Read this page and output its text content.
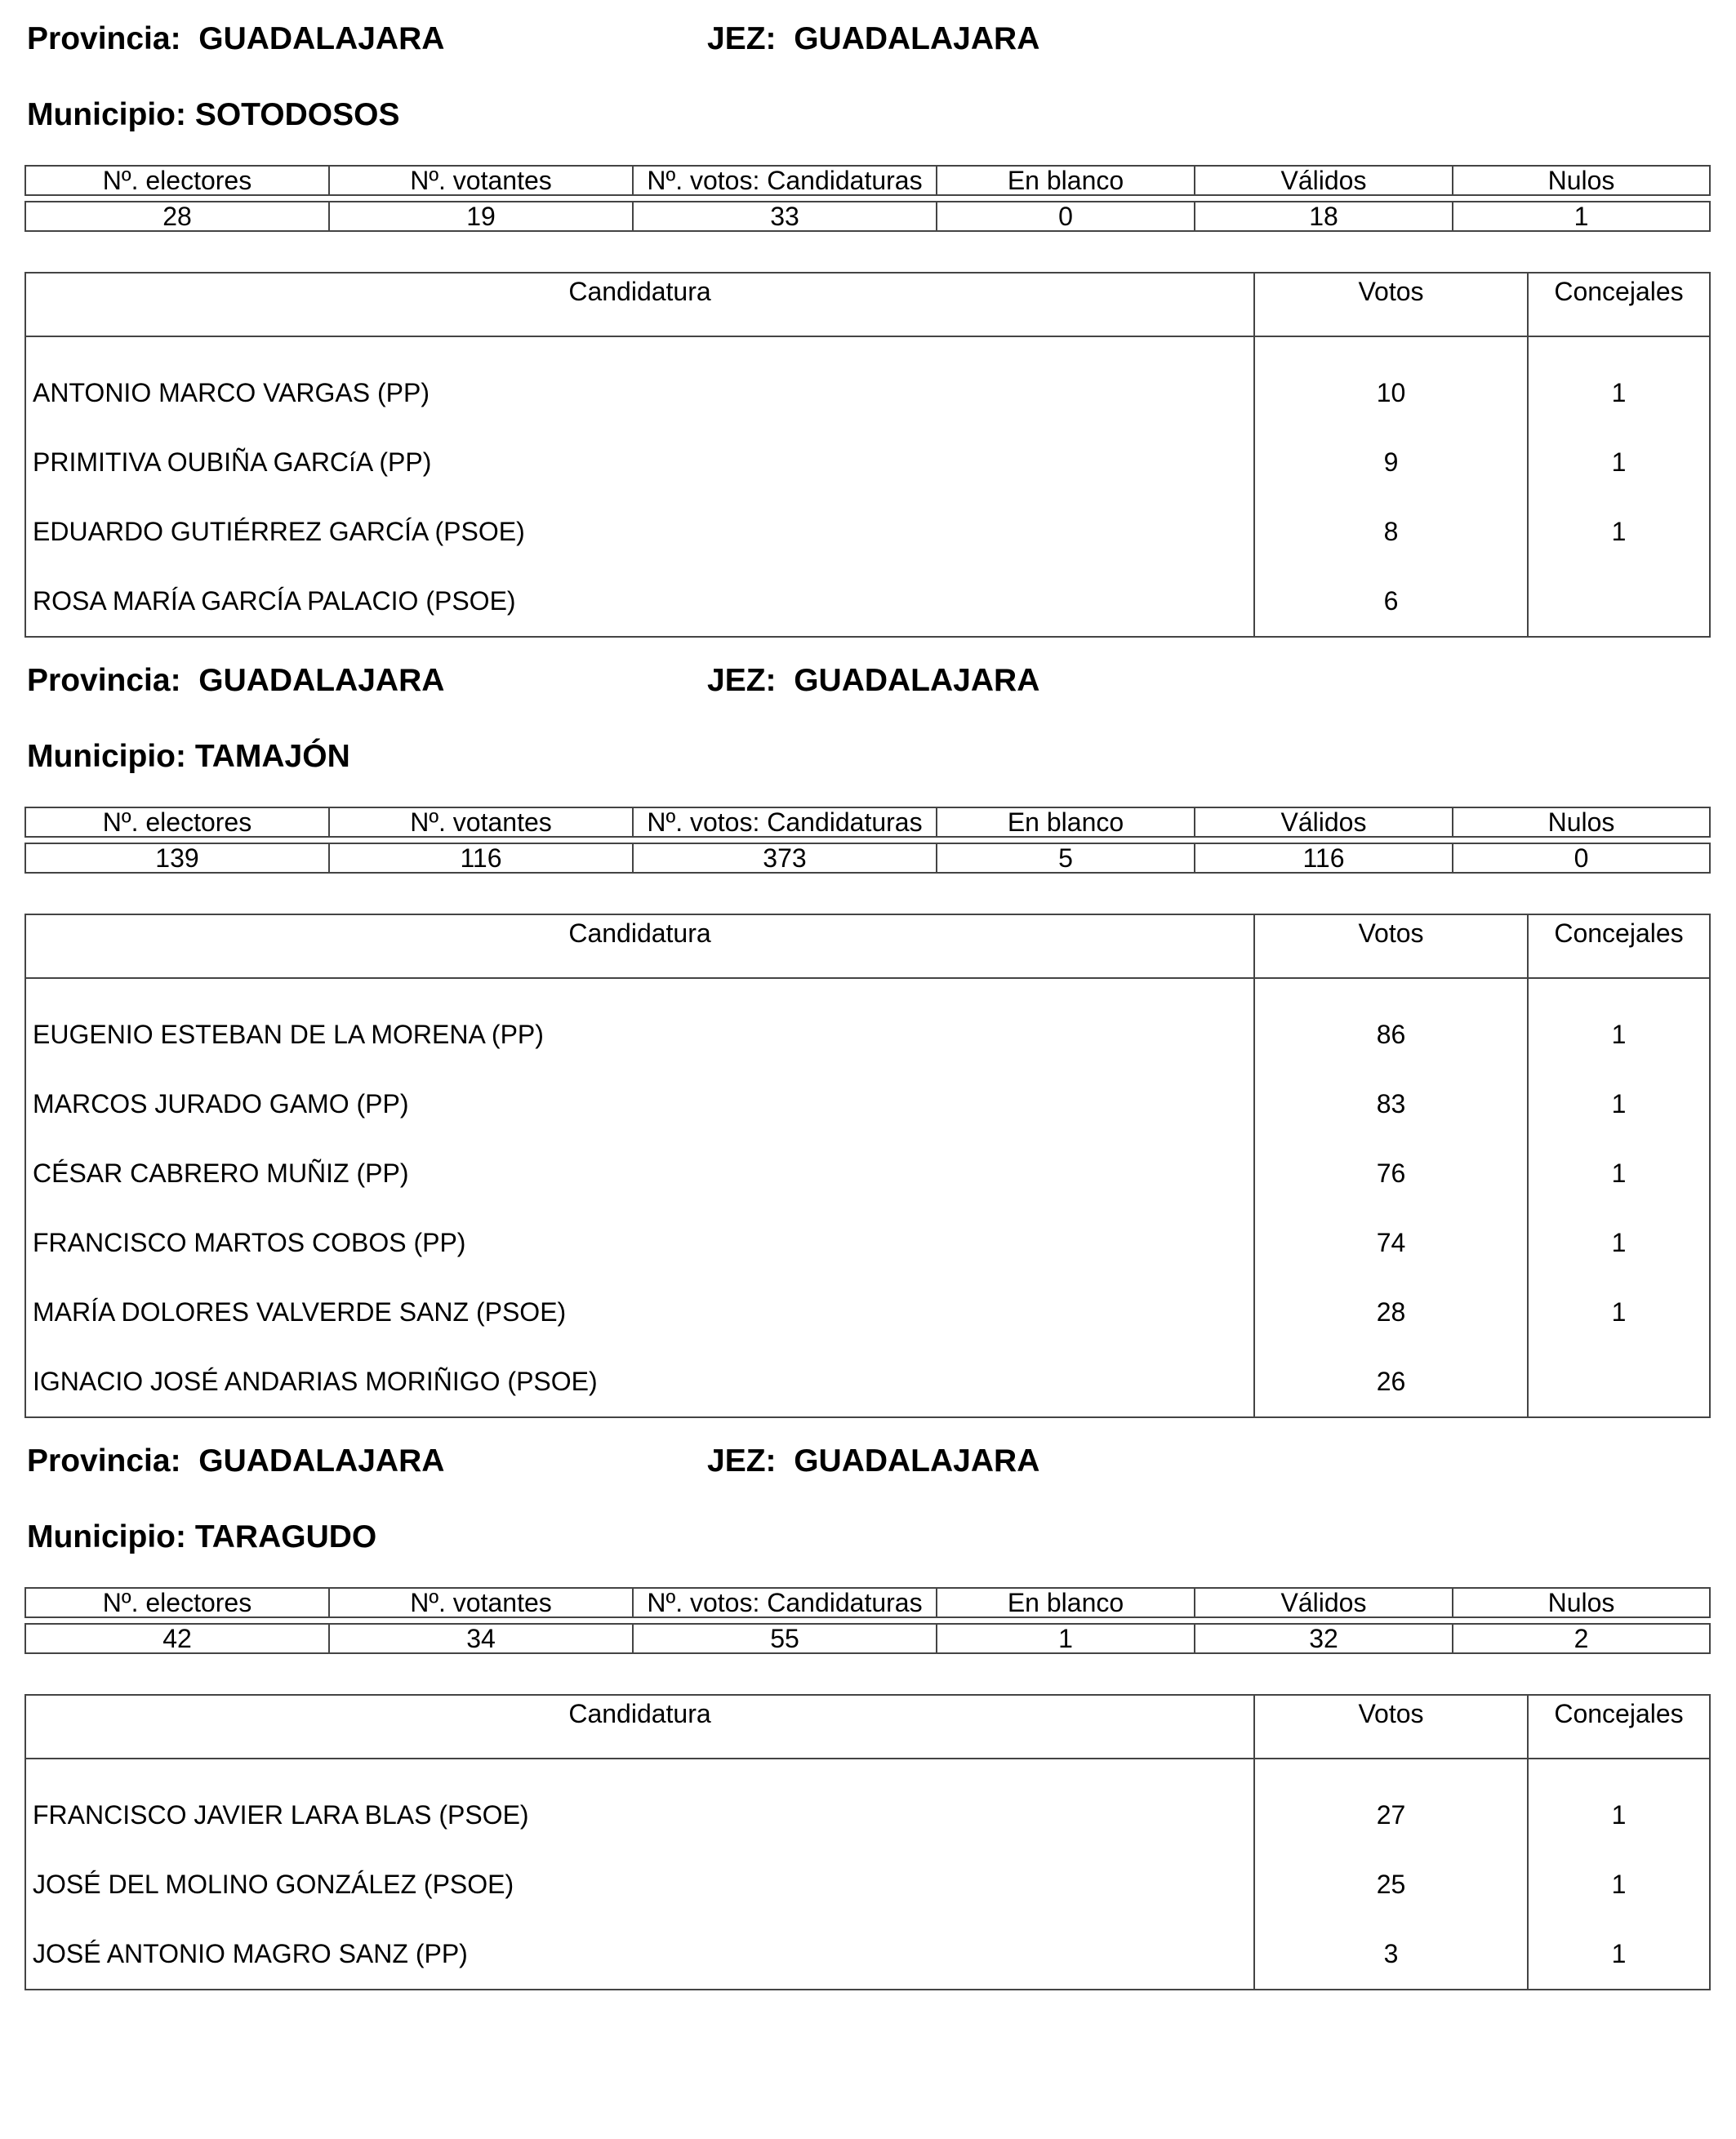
Provincia: GUADALAJARA	JEZ: GUADALAJARA
Municipio: SOTODOSOS
Nº. electores	Nº. votantes	Nº. votos: Candidaturas	En blanco	Válidos	Nulos

28	19	33	0	18	1
Candidatura	Votos	Concejales
ANTONIO MARCO VARGAS (PP)	10	1
PRIMITIVA OUBIÑA GARCíA (PP)	9	1
EDUARDO GUTIÉRREZ GARCÍA (PSOE)	8	1
ROSA MARÍA GARCÍA PALACIO (PSOE)	6	
Provincia: GUADALAJARA	JEZ: GUADALAJARA
Municipio: TAMAJÓN
Nº. electores	Nº. votantes	Nº. votos: Candidaturas	En blanco	Válidos	Nulos

139	116	373	5	116	0
Candidatura	Votos	Concejales
EUGENIO ESTEBAN DE LA MORENA (PP)	86	1
MARCOS JURADO GAMO (PP)	83	1
CÉSAR CABRERO MUÑIZ (PP)	76	1
FRANCISCO MARTOS COBOS (PP)	74	1
MARÍA DOLORES VALVERDE SANZ (PSOE)	28	1
IGNACIO JOSÉ ANDARIAS MORIÑIGO (PSOE)	26	
Provincia: GUADALAJARA	JEZ: GUADALAJARA
Municipio: TARAGUDO
Nº. electores	Nº. votantes	Nº. votos: Candidaturas	En blanco	Válidos	Nulos

42	34	55	1	32	2
Candidatura	Votos	Concejales
FRANCISCO JAVIER LARA BLAS (PSOE)	27	1
JOSÉ DEL MOLINO GONZÁLEZ (PSOE)	25	1
JOSÉ ANTONIO MAGRO SANZ (PP)	3	1
